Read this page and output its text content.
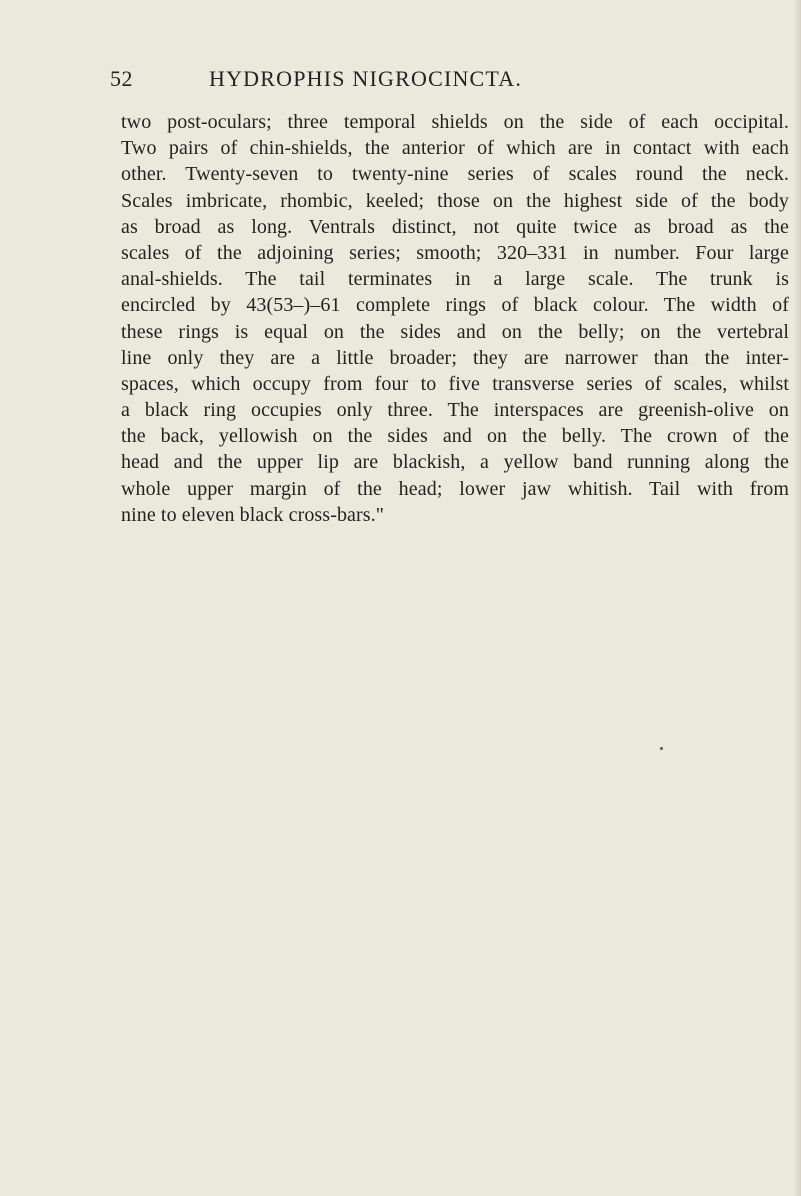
52	HYDROPHIS NIGROCINCTA.
two post-oculars; three temporal shields on the side of each occipital.
Two pairs of chin-shields, the anterior of which are in contact with each
other. Twenty-seven to twenty-nine series of scales round the neck.
Scales imbricate, rhombic, keeled; those on the highest side of the body
as broad as long. Ventrals distinct, not quite twice as broad as the
scales of the adjoining series; smooth; 320–331 in number. Four large
anal-shields. The tail terminates in a large scale. The trunk is
encircled by 43(53–)–61 complete rings of black colour. The width of
these rings is equal on the sides and on the belly; on the vertebral
line only they are a little broader; they are narrower than the inter-
spaces, which occupy from four to five transverse series of scales, whilst
a black ring occupies only three. The interspaces are greenish-olive on
the back, yellowish on the sides and on the belly. The crown of the
head and the upper lip are blackish, a yellow band running along the
whole upper margin of the head; lower jaw whitish. Tail with from
nine to eleven black cross-bars."
